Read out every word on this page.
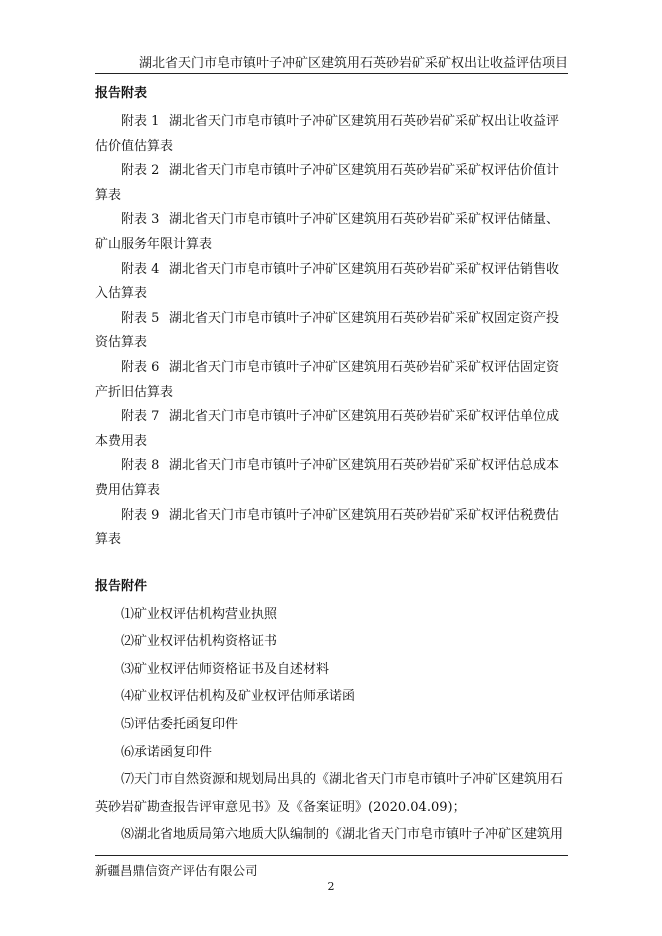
湖北省天门市皂市镇叶子冲矿区建筑用石英砂岩矿采矿权出让收益评估项目
报告附表
附表 1 湖北省天门市皂市镇叶子冲矿区建筑用石英砂岩矿采矿权出让收益评
估价值估算表
附表 2 湖北省天门市皂市镇叶子冲矿区建筑用石英砂岩矿采矿权评估价值计
算表
附表 3 湖北省天门市皂市镇叶子冲矿区建筑用石英砂岩矿采矿权评估储量、
矿山服务年限计算表
附表 4 湖北省天门市皂市镇叶子冲矿区建筑用石英砂岩矿采矿权评估销售收
入估算表
附表 5 湖北省天门市皂市镇叶子冲矿区建筑用石英砂岩矿采矿权固定资产投
资估算表
附表 6 湖北省天门市皂市镇叶子冲矿区建筑用石英砂岩矿采矿权评估固定资
产折旧估算表
附表 7 湖北省天门市皂市镇叶子冲矿区建筑用石英砂岩矿采矿权评估单位成
本费用表
附表 8 湖北省天门市皂市镇叶子冲矿区建筑用石英砂岩矿采矿权评估总成本
费用估算表
附表 9 湖北省天门市皂市镇叶子冲矿区建筑用石英砂岩矿采矿权评估税费估
算表
报告附件
⑴矿业权评估机构营业执照
⑵矿业权评估机构资格证书
⑶矿业权评估师资格证书及自述材料
⑷矿业权评估机构及矿业权评估师承诺函
⑸评估委托函复印件
⑹承诺函复印件
⑺天门市自然资源和规划局出具的《湖北省天门市皂市镇叶子冲矿区建筑用石英砂岩矿勘查报告评审意见书》及《备案证明》(2020.04.09)；
⑻湖北省地质局第六地质大队编制的《湖北省天门市皂市镇叶子冲矿区建筑用
新疆昌鼎信资产评估有限公司
2
